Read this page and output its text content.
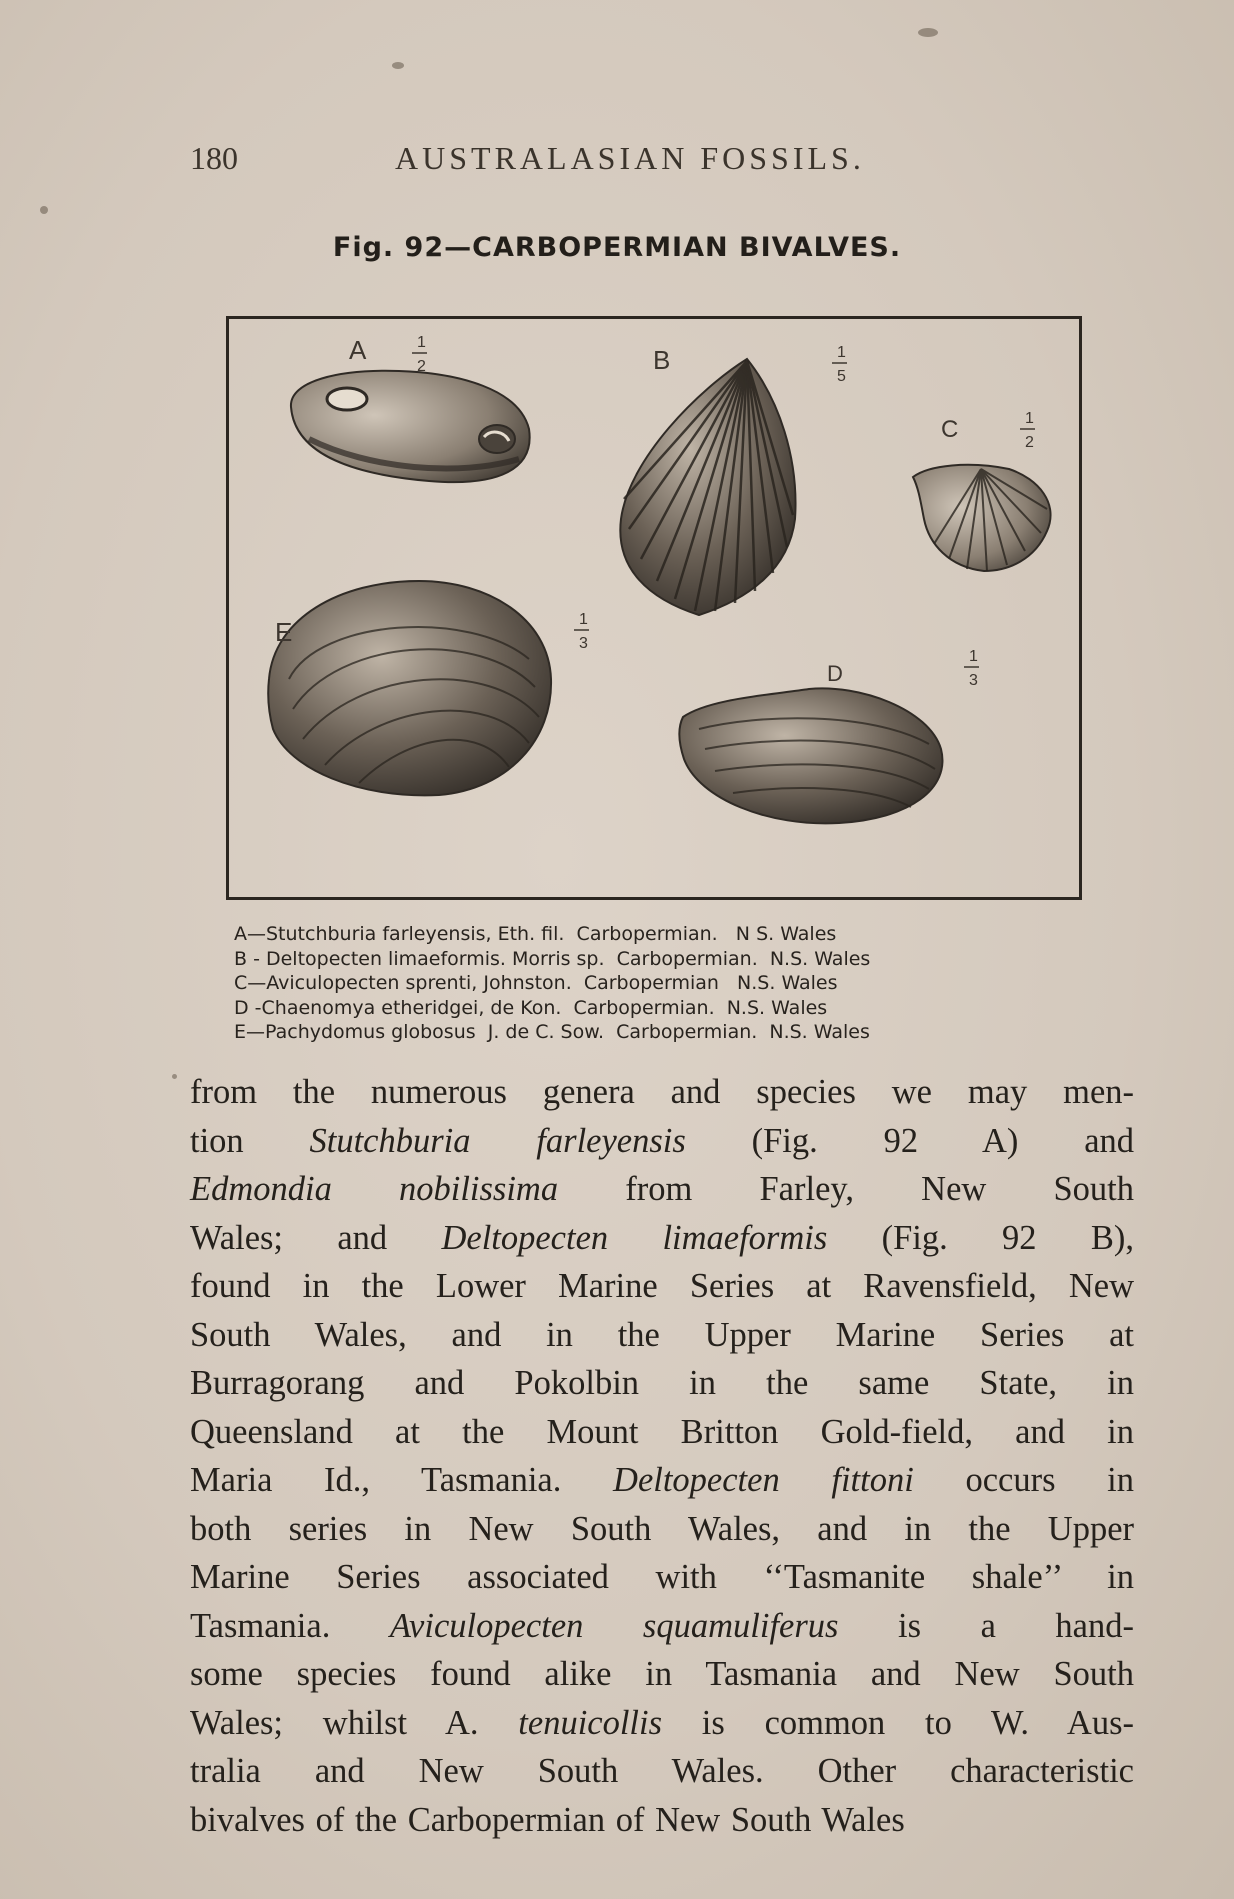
180	AUSTRALASIAN FOSSILS.
Fig. 92—CARBOPERMIAN BIVALVES.
A	1
2	B	1
5
C	1
2
E	1
3
D
1
3
A—Stutchburia farleyensis, Eth. fil.  Carbopermian.   N S. Wales
B - Deltopecten limaeformis. Morris sp.  Carbopermian.  N.S. Wales
C—Aviculopecten sprenti, Johnston.  Carbopermian   N.S. Wales
D -Chaenomya etheridgei, de Kon.  Carbopermian.  N.S. Wales
E—Pachydomus globosus  J. de C. Sow.  Carbopermian.  N.S. Wales
from the numerous genera and species we may men-
tion Stutchburia farleyensis (Fig. 92 A) and
Edmondia nobilissima from Farley, New South
Wales; and Deltopecten limaeformis (Fig. 92 B),
found in the Lower Marine Series at Ravensfield, New
South Wales, and in the Upper Marine Series at
Burragorang and Pokolbin in the same State, in
Queensland at the Mount Britton Gold-field, and in
Maria Id., Tasmania. Deltopecten fittoni occurs in
both series in New South Wales, and in the Upper
Marine Series associated with ‘‘Tasmanite shale’’ in
Tasmania. Aviculopecten squamuliferus is a hand-
some species found alike in Tasmania and New South
Wales; whilst A. tenuicollis is common to W. Aus-
tralia and New South Wales. Other characteristic
bivalves of the Carbopermian of New South Wales
